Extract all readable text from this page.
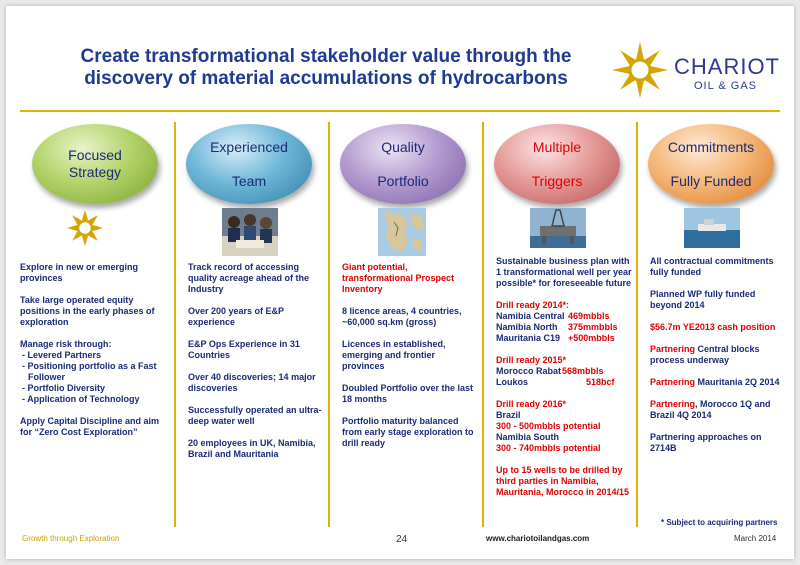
Create transformational stakeholder value through the
discovery of material accumulations of hydrocarbons	CHARIOT
OIL & GAS
Focused
Strategy

Explore in new or emerging provinces

Take large operated equity positions in the early phases of exploration

Manage risk through:

- Levered Partners
- Positioning portfolio as a Fast Follower
- Portfolio Diversity
- Application of Technology

Apply Capital Discipline and aim for “Zero Cost Exploration”

Experienced

Team

Track record of accessing quality acreage ahead of the Industry

Over 200 years of E&P experience

E&P Ops Experience in 31 Countries

Over 40 discoveries; 14 major discoveries

Successfully operated an ultra- deep water well

20 employees in UK, Namibia, Brazil and Mauritania

Quality

Portfolio

Giant potential, transformational Prospect Inventory

8 licence areas, 4 countries, ~60,000 sq.km (gross)

Licences in established, emerging and frontier provinces

Doubled Portfolio over the last 18 months

Portfolio maturity balanced from early stage exploration to drill ready

Multiple

Triggers

Sustainable business plan with 1 transformational well per year possible* for foreseeable future

Drill ready 2014*:
Namibia Central 469mbbls
Namibia North 375mmbbls

Mauritania C19 +500mbbls

Drill ready 2015*
Morocco Rabat568mbbls

Loukos	518bcf

Drill ready 2016*
Brazil
300 - 500mbbls potential
Namibia South

300 - 740mbbls potential

Up to 15 wells to be drilled by third parties in Namibia, Mauritania, Morocco in 2014/15

Commitments

Fully Funded

All contractual commitments fully funded

Planned WP fully funded beyond 2014

$56.7m YE2013 cash position

Partnering Central blocks process underway

Partnering Mauritania 2Q 2014

Partnering, Morocco 1Q and Brazil 4Q 2014

Partnering approaches on 2714B

* Subject to acquiring partners
Growth through Exploration	24	www.chariotoilandgas.com	March 2014
